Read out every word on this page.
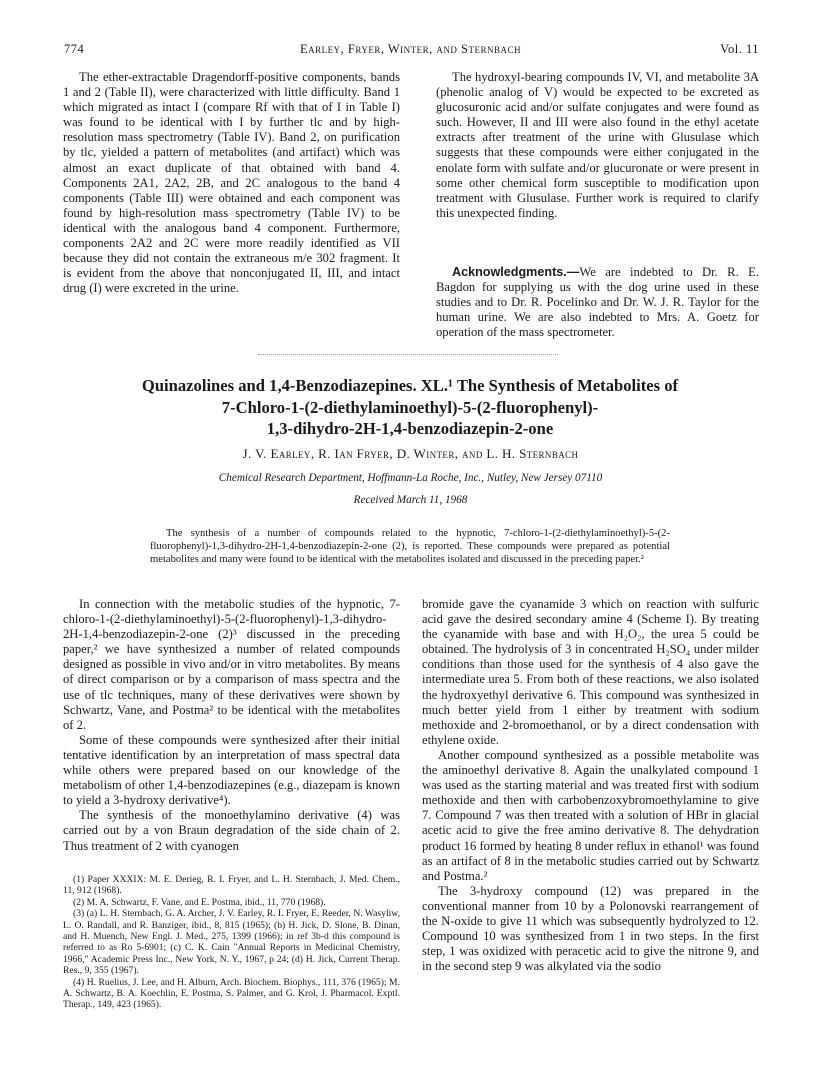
774	Earley, Fryer, Winter, and Sternbach	Vol. 11

The ether-extractable Dragendorff-positive components, bands 1 and 2 (Table II), were characterized with little difficulty. Band 1 which migrated as intact I (compare Rf with that of I in Table I) was found to be identical with I by further tlc and by high-resolution mass spectrometry (Table IV). Band 2, on purification by tlc, yielded a pattern of metabolites (and artifact) which was almost an exact duplicate of that obtained with band 4. Components 2A1, 2A2, 2B, and 2C analogous to the band 4 components (Table III) were obtained and each component was found by high-resolution mass spectrometry (Table IV) to be identical with the analogous band 4 component. Furthermore, components 2A2 and 2C were more readily identified as VII because they did not contain the extraneous m/e 302 fragment. It is evident from the above that nonconjugated II, III, and intact drug (I) were excreted in the urine.

The hydroxyl-bearing compounds IV, VI, and metabolite 3A (phenolic analog of V) would be expected to be excreted as glucosuronic acid and/or sulfate conjugates and were found as such. However, II and III were also found in the ethyl acetate extracts after treatment of the urine with Glusulase which suggests that these compounds were either conjugated in the enolate form with sulfate and/or glucuronate or were present in some other chemical form susceptible to modification upon treatment with Glusulase. Further work is required to clarify this unexpected finding.

Acknowledgments.—We are indebted to Dr. R. E. Bagdon for supplying us with the dog urine used in these studies and to Dr. R. Pocelinko and Dr. W. J. R. Taylor for the human urine. We are also indebted to Mrs. A. Goetz for operation of the mass spectrometer.

Quinazolines and 1,4-Benzodiazepines. XL.¹ The Synthesis of Metabolites of
7-Chloro-1-(2-diethylaminoethyl)-5-(2-fluorophenyl)-
1,3-dihydro-2H-1,4-benzodiazepin-2-one
J. V. Earley, R. Ian Fryer, D. Winter, and L. H. Sternbach
Chemical Research Department, Hoffmann-La Roche, Inc., Nutley, New Jersey 07110
Received March 11, 1968

The synthesis of a number of compounds related to the hypnotic, 7-chloro-1-(2-diethylaminoethyl)-5-(2-fluorophenyl)-1,3-dihydro-2H-1,4-benzodiazepin-2-one (2), is reported. These compounds were prepared as potential metabolites and many were found to be identical with the metabolites isolated and discussed in the preceding paper.²

In connection with the metabolic studies of the hypnotic, 7-chloro-1-(2-diethylaminoethyl)-5-(2-fluorophenyl)-1,3-dihydro-2H-1,4-benzodiazepin-2-one (2)³ discussed in the preceding paper,² we have synthesized a number of related compounds designed as possible in vivo and/or in vitro metabolites. By means of direct comparison or by a comparison of mass spectra and the use of tlc techniques, many of these derivatives were shown by Schwartz, Vane, and Postma² to be identical with the metabolites of 2.

Some of these compounds were synthesized after their initial tentative identification by an interpretation of mass spectral data while others were prepared based on our knowledge of the metabolism of other 1,4-benzodiazepines (e.g., diazepam is known to yield a 3-hydroxy derivative⁴).

The synthesis of the monoethylamino derivative (4) was carried out by a von Braun degradation of the side chain of 2. Thus treatment of 2 with cyanogen

(1) Paper XXXIX: M. E. Derieg, R. I. Fryer, and L. H. Sternbach, J. Med. Chem., 11, 912 (1968).

(2) M. A. Schwartz, F. Vane, and E. Postma, ibid., 11, 770 (1968).

(3) (a) L. H. Sternbach, G. A. Archer, J. V. Earley, R. I. Fryer, E. Reeder, N. Wasyliw, L. O. Randall, and R. Banziger, ibid., 8, 815 (1965); (b) H. Jick, D. Slone, B. Dinan, and H. Muench, New Engl. J. Med., 275, 1399 (1966); in ref 3b-d this compound is referred to as Ro 5-6901; (c) C. K. Cain "Annual Reports in Medicinal Chemistry, 1966," Academic Press Inc., New York, N. Y., 1967, p 24; (d) H. Jick, Current Therap. Res., 9, 355 (1967).

(4) H. Ruelius, J. Lee, and H. Alburn, Arch. Biochem. Biophys., 111, 376 (1965); M. A. Schwartz, B. A. Koechlin, E. Postma, S. Palmer, and G. Krol, J. Pharmacol. Exptl. Therap., 149, 423 (1965).

bromide gave the cyanamide 3 which on reaction with sulfuric acid gave the desired secondary amine 4 (Scheme I). By treating the cyanamide with base and with H₂O₂, the urea 5 could be obtained. The hydrolysis of 3 in concentrated H₂SO₄ under milder conditions than those used for the synthesis of 4 also gave the intermediate urea 5. From both of these reactions, we also isolated the hydroxyethyl derivative 6. This compound was synthesized in much better yield from 1 either by treatment with sodium methoxide and 2-bromoethanol, or by a direct condensation with ethylene oxide.

Another compound synthesized as a possible metabolite was the aminoethyl derivative 8. Again the unalkylated compound 1 was used as the starting material and was treated first with sodium methoxide and then with carbobenzoxybromoethylamine to give 7. Compound 7 was then treated with a solution of HBr in glacial acetic acid to give the free amino derivative 8. The dehydration product 16 formed by heating 8 under reflux in ethanol¹ was found as an artifact of 8 in the metabolic studies carried out by Schwartz and Postma.²

The 3-hydroxy compound (12) was prepared in the conventional manner from 10 by a Polonovski rearrangement of the N-oxide to give 11 which was subsequently hydrolyzed to 12. Compound 10 was synthesized from 1 in two steps. In the first step, 1 was oxidized with peracetic acid to give the nitrone 9, and in the second step 9 was alkylated via the sodio
